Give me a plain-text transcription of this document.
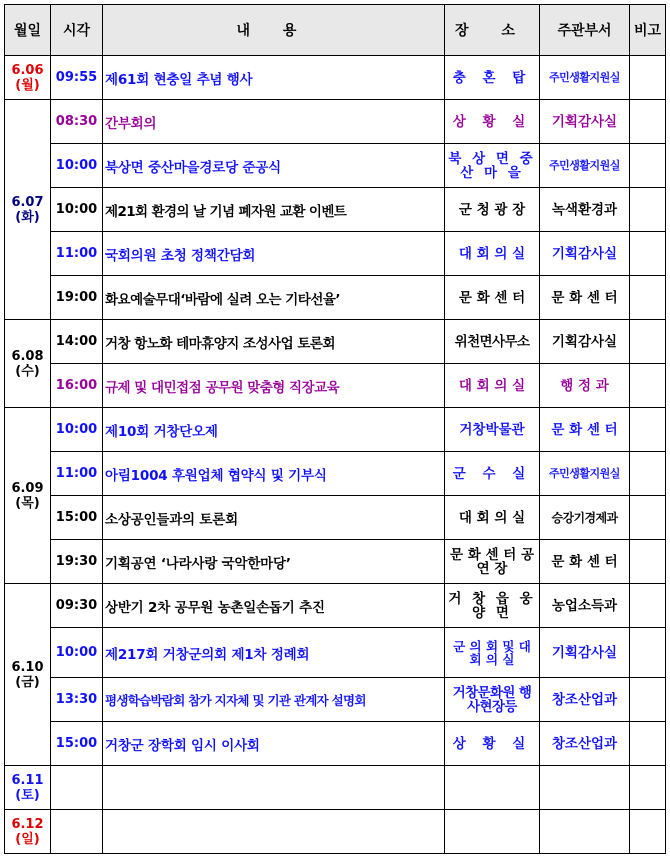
월일	시각	내 용	장 소	주관부서	비고
6.06
(월)	09:55	제61회 현충일 추념 행사	충 혼 탑	주민생활지원실	
6.07
(화)	08:30	간부회의	상 황 실	기획감사실	
	10:00	북상면 중산마을경로당 준공식	북 상 면 중 산 마 을	주민생활지원실	
	10:00	제21회 환경의 날 기념 폐자원 교환 이벤트	군 청 광 장	녹색환경과	
	11:00	국회의원 초청 정책간담회	대 회 의 실	기획감사실	
	19:00	화요예술무대‘바람에 실려 오는 기타선율’	문 화 센 터	문 화 센 터	
6.08
(수)	14:00	거창 항노화 테마휴양지 조성사업 토론회	위천면사무소	기획감사실	
	16:00	규제 및 대민접점 공무원 맞춤형 직장교육	대 회 의 실	행 정 과	
6.09
(목)	10:00	제10회 거창단오제	거창박물관	문 화 센 터	
	11:00	아림1004 후원업체 협약식 및 기부식	군 수 실	주민생활지원실	
	15:00	소상공인들과의 토론회	대 회 의 실	승강기경제과	
	19:30	기획공연 ‘나라사랑 국악한마당’	문 화 센 터 공 연 장	문 화 센 터	
6.10
(금)	09:30	상반기 2차 공무원 농촌일손돕기 추진	거 창 읍 웅 양 면	농업소득과	
	10:00	제217회 거창군의회 제1차 정례회	군 의 회 및 대 회 의 실	기획감사실	
	13:30	평생학습박람회 참가 지자체 및 기관 관계자 설명회	거창문화원 행사현장등	창조산업과	
	15:00	거창군 장학회 임시 이사회	상 황 실	창조산업과	
6.11
(토)					
6.12
(일)					
